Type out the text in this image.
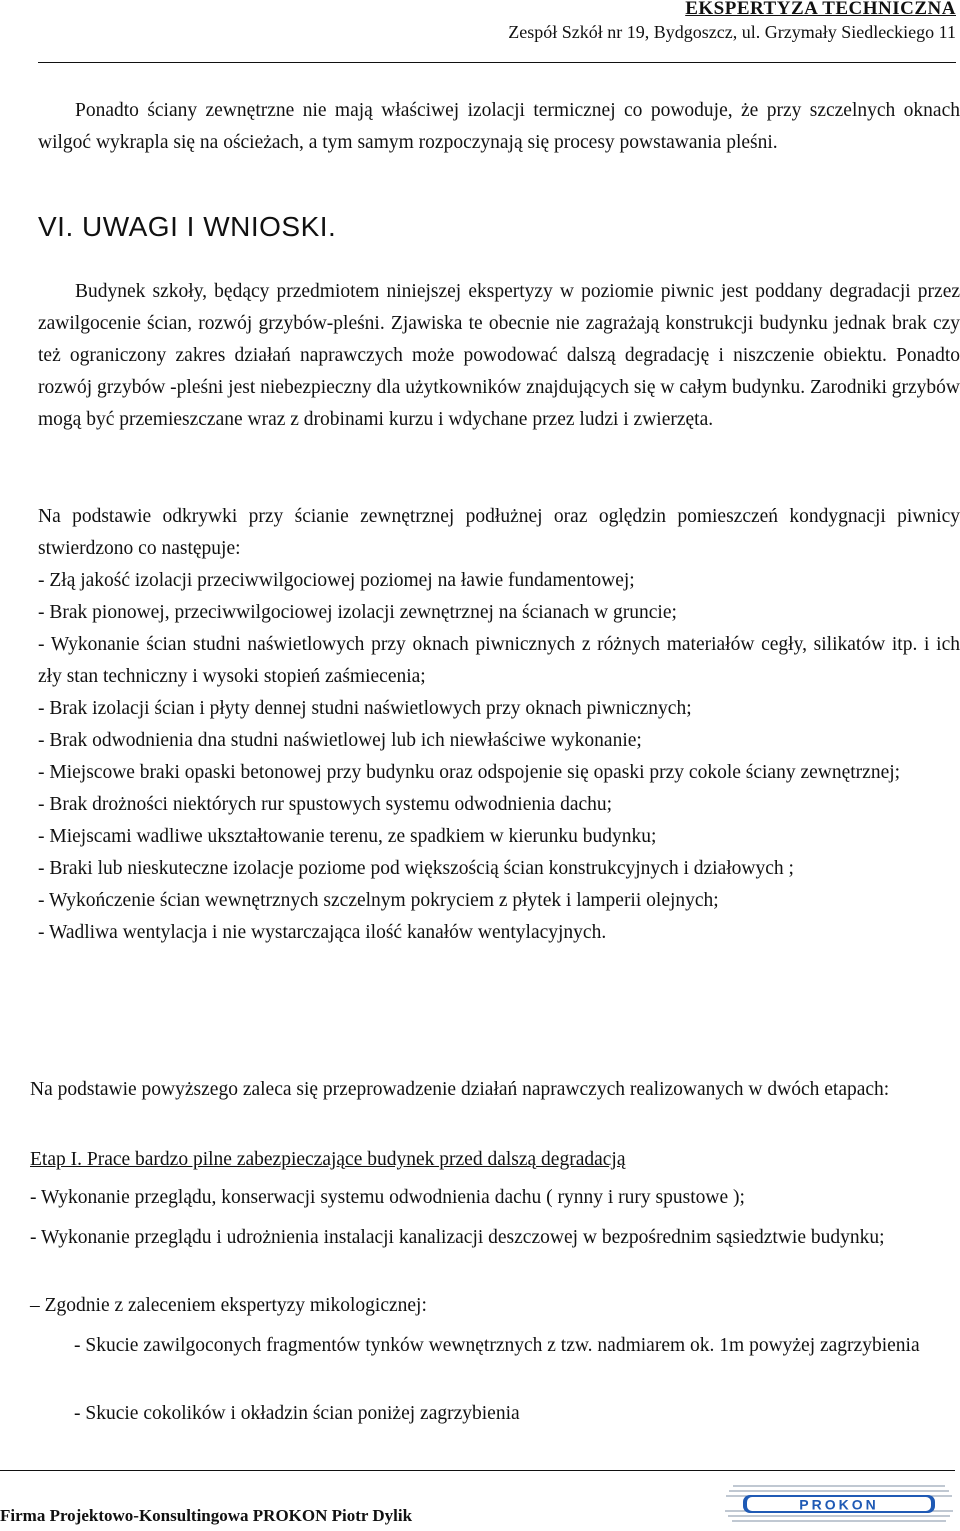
EKSPERTYZA TECHNICZNA
Zespół Szkół nr 19, Bydgoszcz, ul. Grzymały Siedleckiego 11

Ponadto ściany zewnętrzne nie mają właściwej izolacji termicznej co powoduje, że przy szczelnych oknach wilgoć wykrapla się na ościeżach, a tym samym rozpoczynają się procesy powstawania pleśni.

VI. UWAGI I WNIOSKI.

Budynek szkoły, będący przedmiotem niniejszej ekspertyzy w poziomie piwnic jest poddany degradacji przez zawilgocenie ścian, rozwój grzybów-pleśni. Zjawiska te obecnie nie zagrażają konstrukcji budynku jednak brak czy też ograniczony zakres działań naprawczych może powodować dalszą degradację i niszczenie obiektu. Ponadto rozwój grzybów -pleśni jest niebezpieczny dla użytkowników znajdujących się w całym budynku. Zarodniki grzybów mogą być przemieszczane wraz z drobinami kurzu i wdychane przez ludzi i zwierzęta.

Na podstawie odkrywki przy ścianie zewnętrznej podłużnej oraz oględzin pomieszczeń kondygnacji piwnicy stwierdzono co następuje:

- Złą jakość izolacji przeciwwilgociowej poziomej na ławie fundamentowej;
- Brak pionowej, przeciwwilgociowej izolacji zewnętrznej na ścianach w gruncie;
- Wykonanie ścian studni naświetlowych przy oknach piwnicznych z różnych materiałów cegły, silikatów itp. i ich zły stan techniczny i wysoki stopień zaśmiecenia;
- Brak izolacji ścian i płyty dennej studni naświetlowych przy oknach piwnicznych;
- Brak odwodnienia dna studni naświetlowej lub ich niewłaściwe wykonanie;
- Miejscowe braki opaski betonowej przy budynku oraz odspojenie się opaski przy cokole ściany zewnętrznej;
- Brak drożności niektórych rur spustowych systemu odwodnienia dachu;
- Miejscami wadliwe ukształtowanie terenu, ze spadkiem w kierunku budynku;
- Braki lub nieskuteczne izolacje poziome pod większością ścian konstrukcyjnych i działowych ;
- Wykończenie ścian wewnętrznych szczelnym pokryciem z płytek i lamperii olejnych;
- Wadliwa wentylacja i nie wystarczająca ilość kanałów wentylacyjnych.

Na podstawie powyższego zaleca się przeprowadzenie działań naprawczych realizowanych w dwóch etapach:

Etap I. Prace bardzo pilne zabezpieczające budynek przed dalszą degradacją

- Wykonanie przeglądu, konserwacji systemu odwodnienia dachu ( rynny i rury spustowe );

- Wykonanie przeglądu i udrożnienia instalacji kanalizacji deszczowej w bezpośrednim sąsiedztwie budynku;

– Zgodnie z zaleceniem ekspertyzy mikologicznej:

- Skucie zawilgoconych fragmentów tynków wewnętrznych z tzw. nadmiarem ok. 1m powyżej zagrzybienia

- Skucie cokolików i okładzin ścian poniżej zagrzybienia

Firma Projektowo-Konsultingowa PROKON Piotr Dylik
PROKON
